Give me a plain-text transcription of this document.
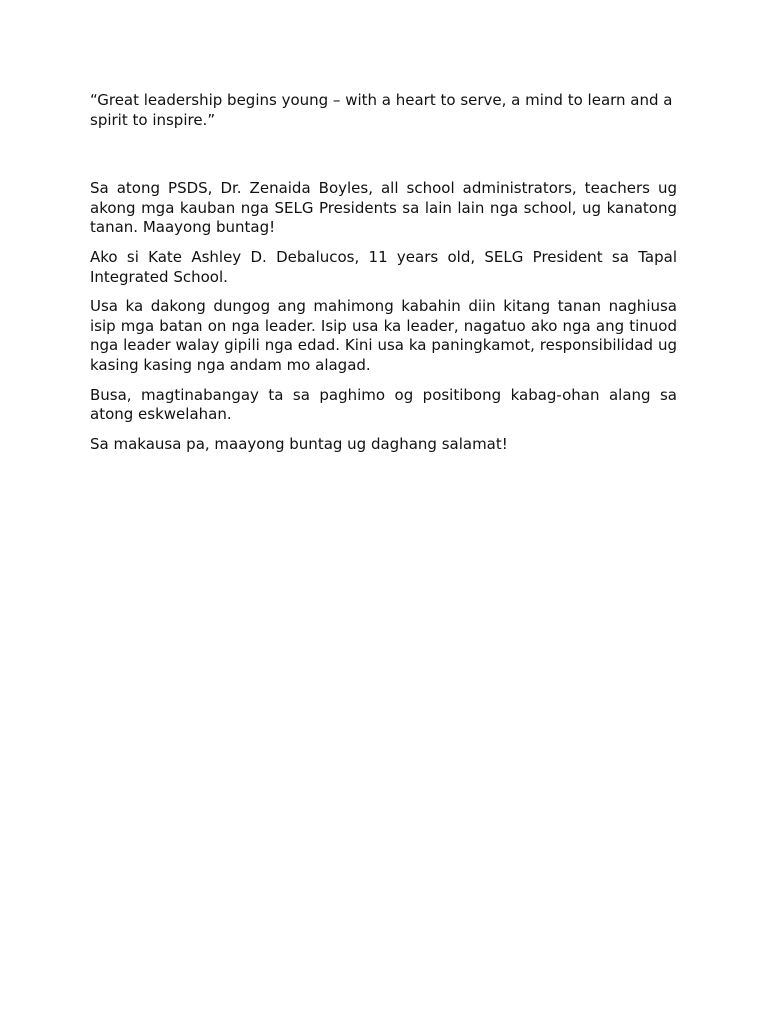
“Great leadership begins young – with a heart to serve, a mind to learn and a spirit to inspire.”

Sa atong PSDS, Dr. Zenaida Boyles, all school administrators, teachers ug akong mga kauban nga SELG Presidents sa lain lain nga school, ug kanatong tanan. Maayong buntag!

Ako si Kate Ashley D. Debalucos, 11 years old, SELG President sa Tapal Integrated School.

Usa ka dakong dungog ang mahimong kabahin diin kitang tanan naghiusa isip mga batan on nga leader. Isip usa ka leader, nagatuo ako nga ang tinuod nga leader walay gipili nga edad. Kini usa ka paningkamot, responsibilidad ug kasing kasing nga andam mo alagad.

Busa, magtinabangay ta sa paghimo og positibong kabag-ohan alang sa atong eskwelahan.

Sa makausa pa, maayong buntag ug daghang salamat!
